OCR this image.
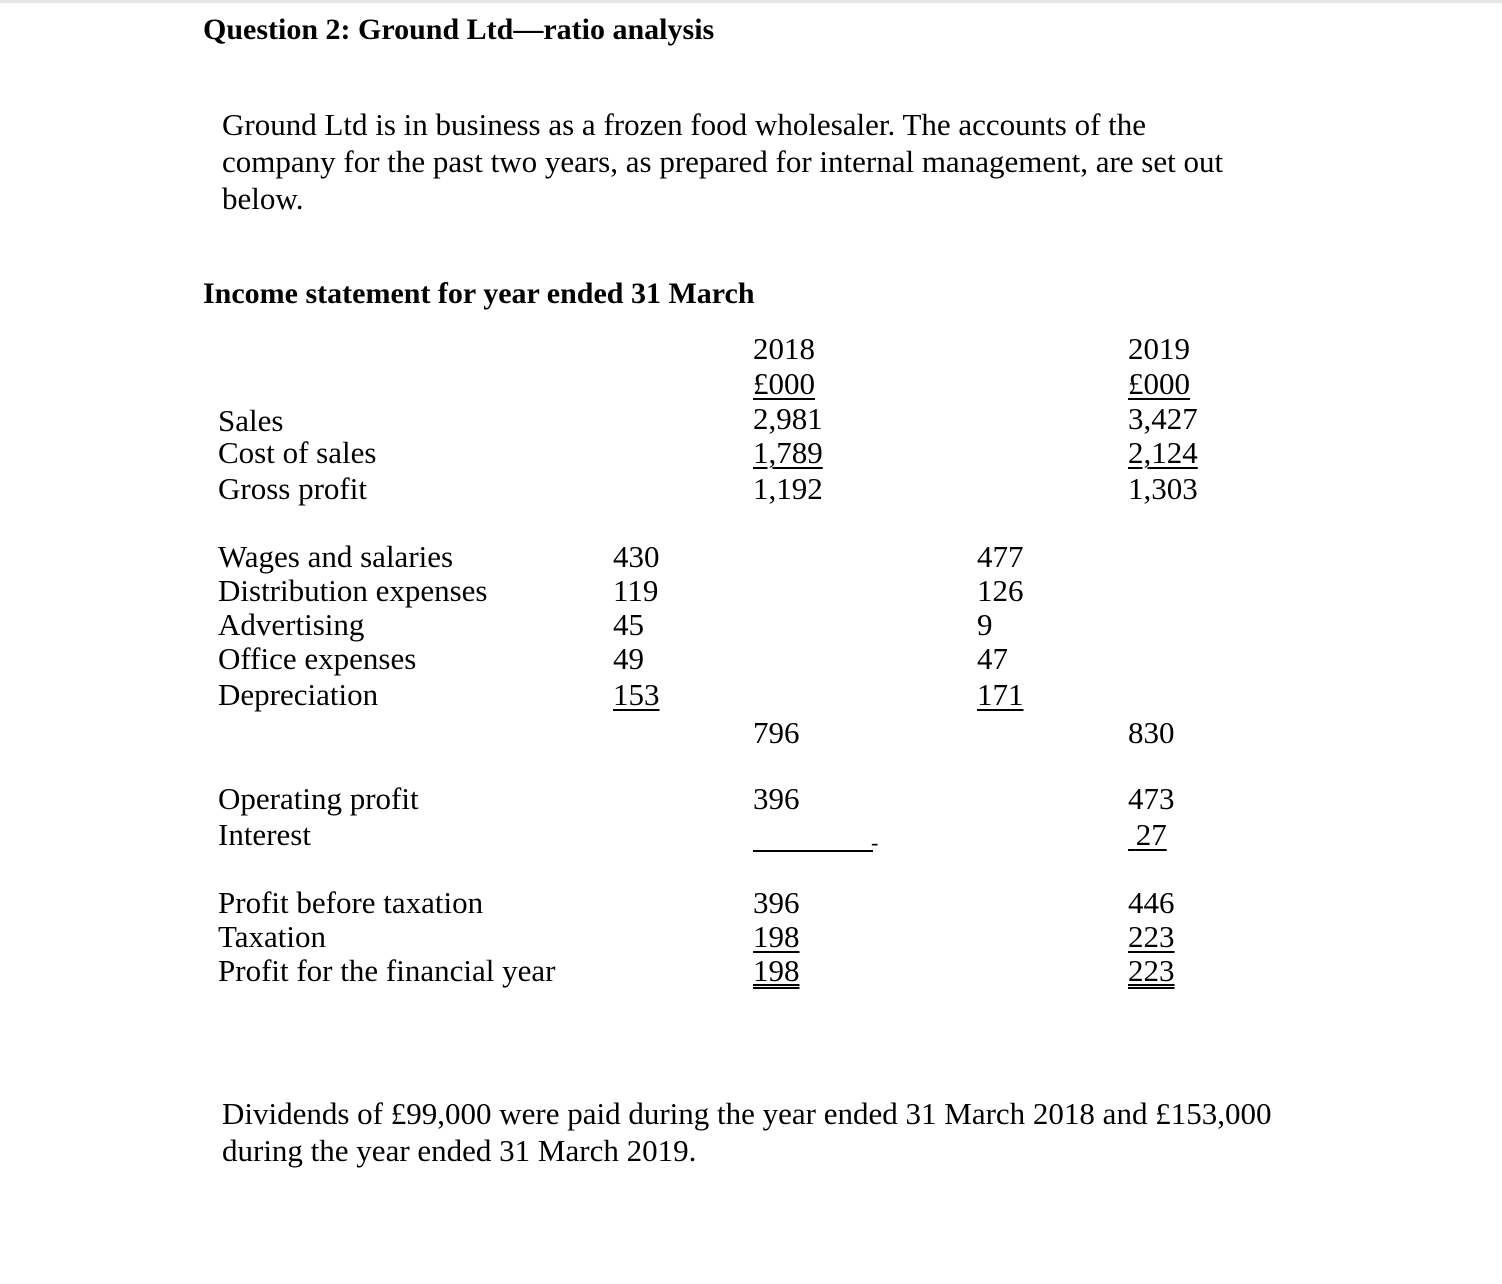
Question 2: Ground Ltd—ratio analysis
Ground Ltd is in business as a frozen food wholesaler. The accounts of the
company for the past two years, as prepared for internal management, are set out
below.
Income statement for year ended 31 March
2018	2019
£000	£000
Sales	2,981	3,427
Cost of sales	1,789	2,124
Gross profit	1,192	1,303
Wages and salaries	430	477
Distribution expenses	119	126
Advertising	45	9
Office expenses	49	47
Depreciation	153	171
796	830
Operating profit	396	473
Interest	-	27
Profit before taxation	396	446
Taxation	198	223
Profit for the financial year	198	223
Dividends of £99,000 were paid during the year ended 31 March 2018 and £153,000
during the year ended 31 March 2019.
